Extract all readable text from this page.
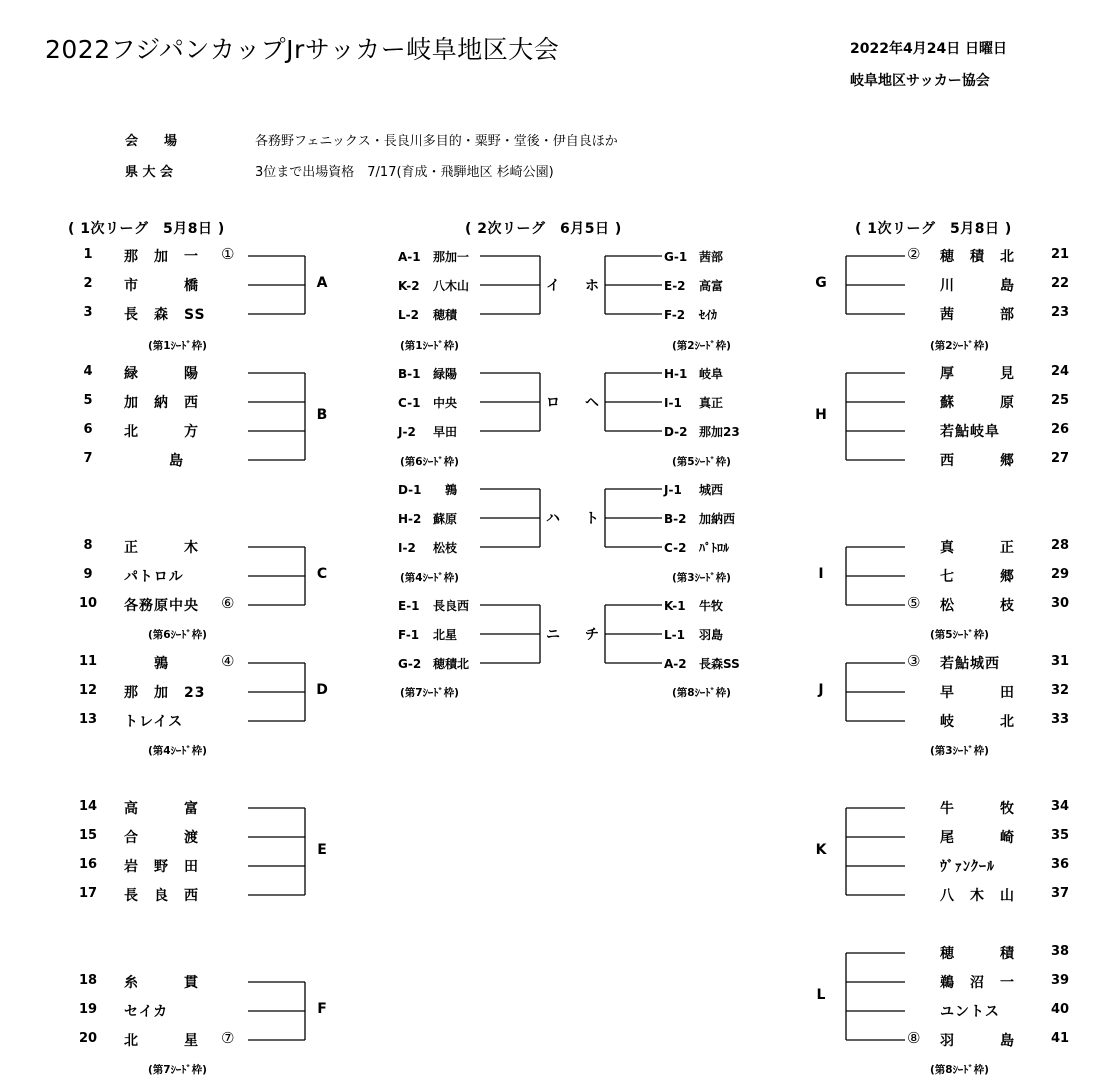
2022フジパンカップJrサッカー岐阜地区大会	2022年4月24日 日曜日
岐阜地区サッカー協会
会　　場	各務野フェニックス・長良川多目的・粟野・堂後・伊自良ほか
県 大 会	3位まで出場資格　7/17(育成・飛騨地区 杉崎公園)
( 1次リーグ　5月8日 )	( 2次リーグ　6月5日 )	( 1次リーグ　5月8日 )
1	那　加　一 ①
2	市　　　橋
3	長　森　SS
A
(第1ｼｰﾄﾞ枠)
4	緑　　　陽
5	加　納　西
6	北　　　方
7	　　　島
B
8	正　　　木
9	パトロル
10	各務原中央 ⑥
C
(第6ｼｰﾄﾞ枠)
11	　　鶉	④
12	那　加　23
13	トレイス
D
(第4ｼｰﾄﾞ枠)
14	高　　　富
15	合　　　渡
16	岩　野　田
17	長　良　西
E
18	糸　　　貫
19	セイカ
20	北　　　星 ⑦
F
(第7ｼｰﾄﾞ枠)
② 穂　積　北	21
川　　　島	22
茜　　　部	23
G
(第2ｼｰﾄﾞ枠)
厚　　　見	24
蘇　　　原	25
若鮎岐阜	26
西　　　郷	27
H
真　　　正	28
七　　　郷	29
⑤ 松　　　枝	30
I
(第5ｼｰﾄﾞ枠)
③ 若鮎城西	31
早　　　田	32
岐　　　北	33
J
(第3ｼｰﾄﾞ枠)
牛　　　牧	34
尾　　　崎	35
ｳﾞｧﾝｸｰﾙ	36
八　木　山	37
K
穂　　　積	38
鵜　沼　一	39
ユントス	40
⑧ 羽　　　島	41
L
(第8ｼｰﾄﾞ枠)
A-1 那加一
K-2 八木山
L-2 穂積
イ
(第1ｼｰﾄﾞ枠)
B-1 緑陽
C-1 中央
J-2 早田
ロ
(第6ｼｰﾄﾞ枠)
D-1　鶉
H-2 蘇原
I-2 松枝
ハ
(第4ｼｰﾄﾞ枠)
E-1 長良西
F-1 北星
G-2 穂積北
ニ
(第7ｼｰﾄﾞ枠)
G-1 茜部
E-2 高富
F-2 ｾｲｶ
ホ
(第2ｼｰﾄﾞ枠)
H-1 岐阜
I-1 真正
D-2 那加23
ヘ
(第5ｼｰﾄﾞ枠)
J-1 城西
B-2 加納西
C-2 ﾊﾟﾄﾛﾙ
ト
(第3ｼｰﾄﾞ枠)
K-1 牛牧
L-1 羽島
A-2 長森SS
チ
(第8ｼｰﾄﾞ枠)
